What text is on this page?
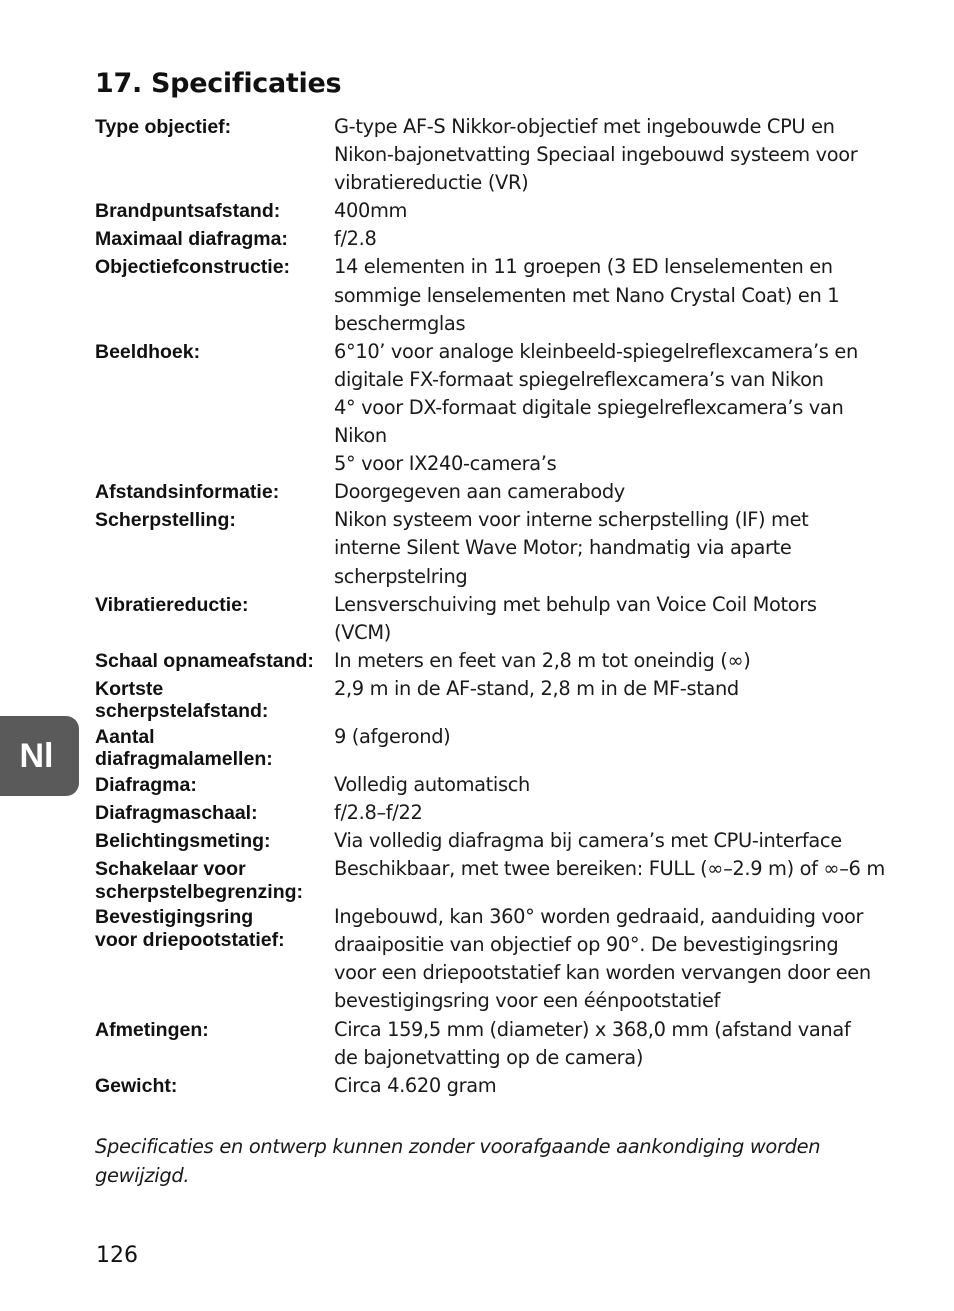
17. Specificaties
Type objectief:	G-type AF-S Nikkor-objectief met ingebouwde CPU en
Nikon-bajonetvatting Speciaal ingebouwd systeem voor
vibratiereductie (VR)
Brandpuntsafstand:	400mm
Maximaal diafragma:	f/2.8
Objectiefconstructie:	14 elementen in 11 groepen (3 ED lenselementen en
sommige lenselementen met Nano Crystal Coat) en 1
beschermglas
Beeldhoek:	6°10’ voor analoge kleinbeeld-spiegelreflexcamera’s en
digitale FX-formaat spiegelreflexcamera’s van Nikon
4° voor DX-formaat digitale spiegelreflexcamera’s van
Nikon
5° voor IX240-camera’s
Afstandsinformatie:	Doorgegeven aan camerabody
Scherpstelling:	Nikon systeem voor interne scherpstelling (IF) met
interne Silent Wave Motor; handmatig via aparte
scherpstelring
Vibratiereductie:	Lensverschuiving met behulp van Voice Coil Motors
(VCM)
Schaal opnameafstand:	In meters en feet van 2,8 m tot oneindig (∞)
Kortste
scherpstelafstand:
2,9 m in de AF-stand, 2,8 m in de MF-stand
Aantal
diafragmalamellen:
9 (afgerond)
Diafragma:	Volledig automatisch
Diafragmaschaal:	f/2.8–f/22
Belichtingsmeting:	Via volledig diafragma bij camera’s met CPU-interface
Schakelaar voor
scherpstelbegrenzing:
Beschikbaar, met twee bereiken: FULL (∞–2.9 m) of ∞–6 m
Bevestigingsring
voor driepootstatief:
Ingebouwd, kan 360° worden gedraaid, aanduiding voor
draaipositie van objectief op 90°. De bevestigingsring
voor een driepootstatief kan worden vervangen door een
bevestigingsring voor een éénpootstatief
Afmetingen:	Circa 159,5 mm (diameter) x 368,0 mm (afstand vanaf
de bajonetvatting op de camera)
Gewicht:	Circa 4.620 gram
Specificaties en ontwerp kunnen zonder voorafgaande aankondiging worden
gewijzigd.
126
Nl
